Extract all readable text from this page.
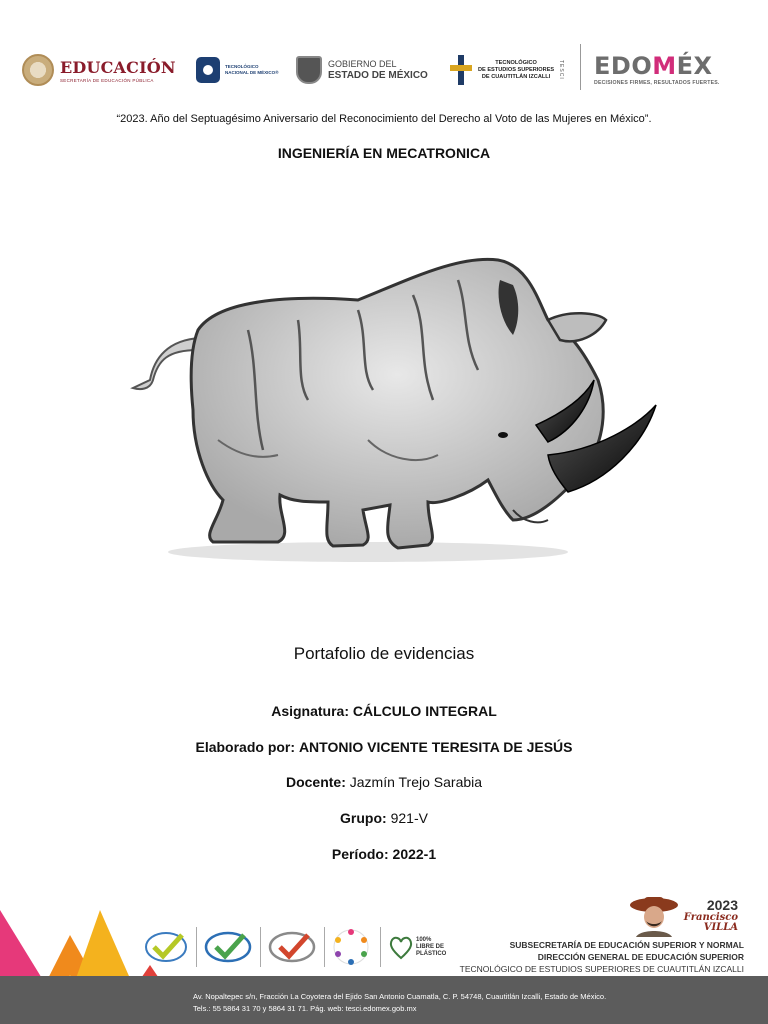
EDUCACIÓN
SECRETARÍA DE EDUCACIÓN PÚBLICA
TECNOLÓGICO
NACIONAL DE MÉXICO®
GOBIERNO DEL
ESTADO DE MÉXICO
TECNOLÓGICO
DE ESTUDIOS SUPERIORES
DE CUAUTITLÁN IZCALLI	TESCI EDOMÉX
DECISIONES FIRMES, RESULTADOS FUERTES.
“2023. Año del Septuagésimo Aniversario del Reconocimiento del Derecho al Voto de las Mujeres en México”.
INGENIERÍA EN MECATRONICA
Portafolio de evidencias
Asignatura: CÁLCULO INTEGRAL
Elaborado por: ANTONIO VICENTE TERESITA DE JESÚS
Docente: Jazmín Trejo Sarabia
Grupo: 921-V
Período: 2022-1
100% LIBRE DE PLÁSTICO
2023
Francisco
VILLA
SUBSECRETARÍA DE EDUCACIÓN SUPERIOR Y NORMAL
DIRECCIÓN GENERAL DE EDUCACIÓN SUPERIOR
TECNOLÓGICO DE ESTUDIOS SUPERIORES DE CUAUTITLÁN IZCALLI
Av. Nopaltepec s/n, Fracción La Coyotera del Ejido San Antonio Cuamatla, C. P. 54748, Cuautitlán Izcalli, Estado de México.
Tels.: 55 5864 31 70 y 5864 31 71. Pág. web: tesci.edomex.gob.mx
